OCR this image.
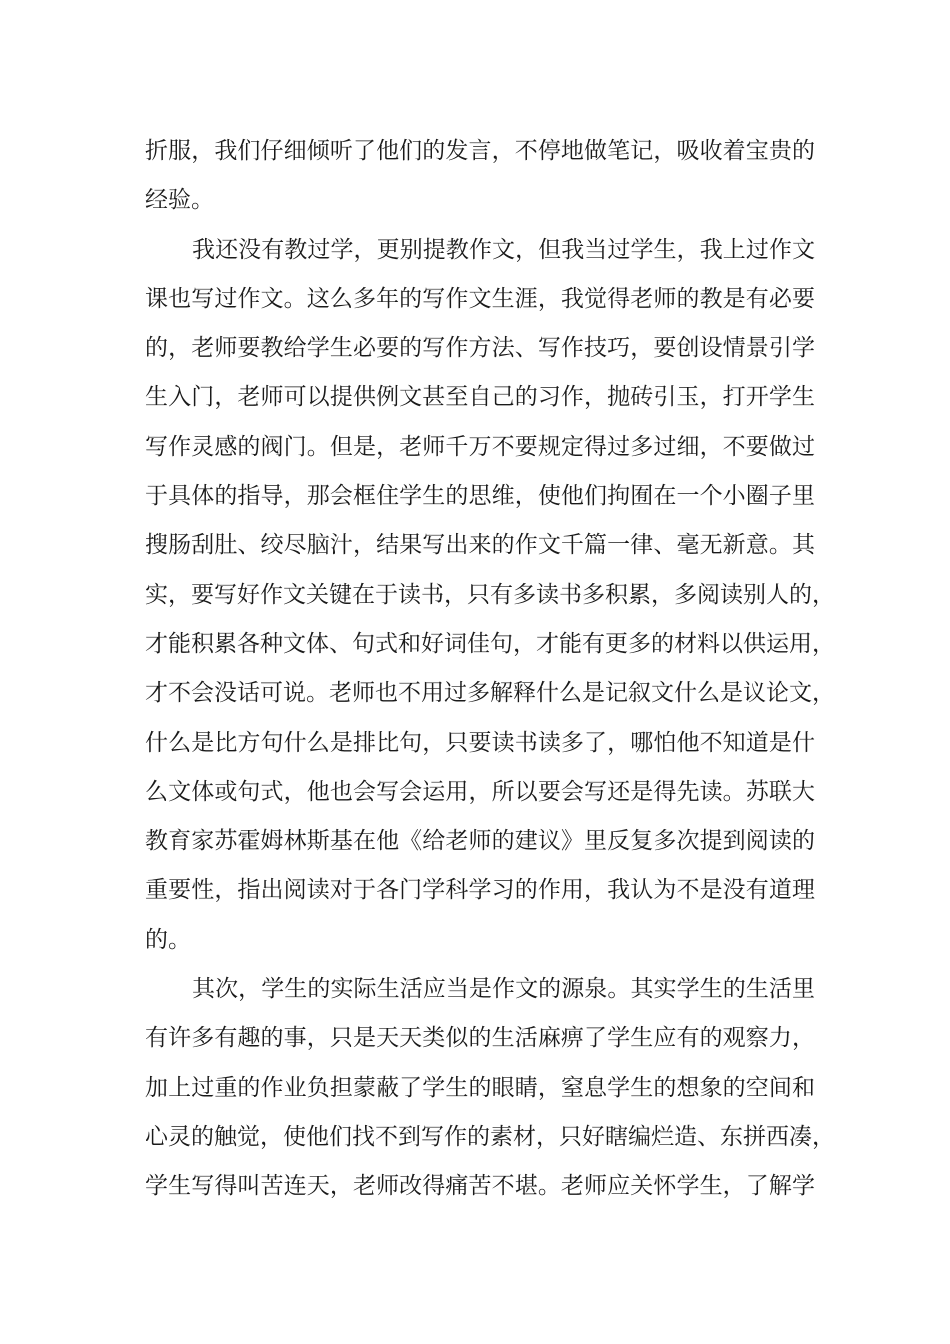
折服，我们仔细倾听了他们的发言，不停地做笔记，吸收着宝贵的
经验。
我还没有教过学，更别提教作文，但我当过学生，我上过作文
课也写过作文。这么多年的写作文生涯，我觉得老师的教是有必要
的，老师要教给学生必要的写作方法、写作技巧，要创设情景引学
生入门，老师可以提供例文甚至自己的习作，抛砖引玉，打开学生
写作灵感的阀门。但是，老师千万不要规定得过多过细，不要做过
于具体的指导，那会框住学生的思维，使他们拘囿在一个小圈子里
搜肠刮肚、绞尽脑汁，结果写出来的作文千篇一律、毫无新意。其
实，要写好作文关键在于读书，只有多读书多积累，多阅读别人的，
才能积累各种文体、句式和好词佳句，才能有更多的材料以供运用，
才不会没话可说。老师也不用过多解释什么是记叙文什么是议论文，
什么是比方句什么是排比句，只要读书读多了，哪怕他不知道是什
么文体或句式，他也会写会运用，所以要会写还是得先读。苏联大
教育家苏霍姆林斯基在他《给老师的建议》里反复多次提到阅读的
重要性，指出阅读对于各门学科学习的作用，我认为不是没有道理
的。
其次，学生的实际生活应当是作文的源泉。其实学生的生活里
有许多有趣的事，只是天天类似的生活麻痹了学生应有的观察力，
加上过重的作业负担蒙蔽了学生的眼睛，窒息学生的想象的空间和
心灵的触觉，使他们找不到写作的素材，只好瞎编烂造、东拼西凑，
学生写得叫苦连天，老师改得痛苦不堪。老师应关怀学生，了解学
